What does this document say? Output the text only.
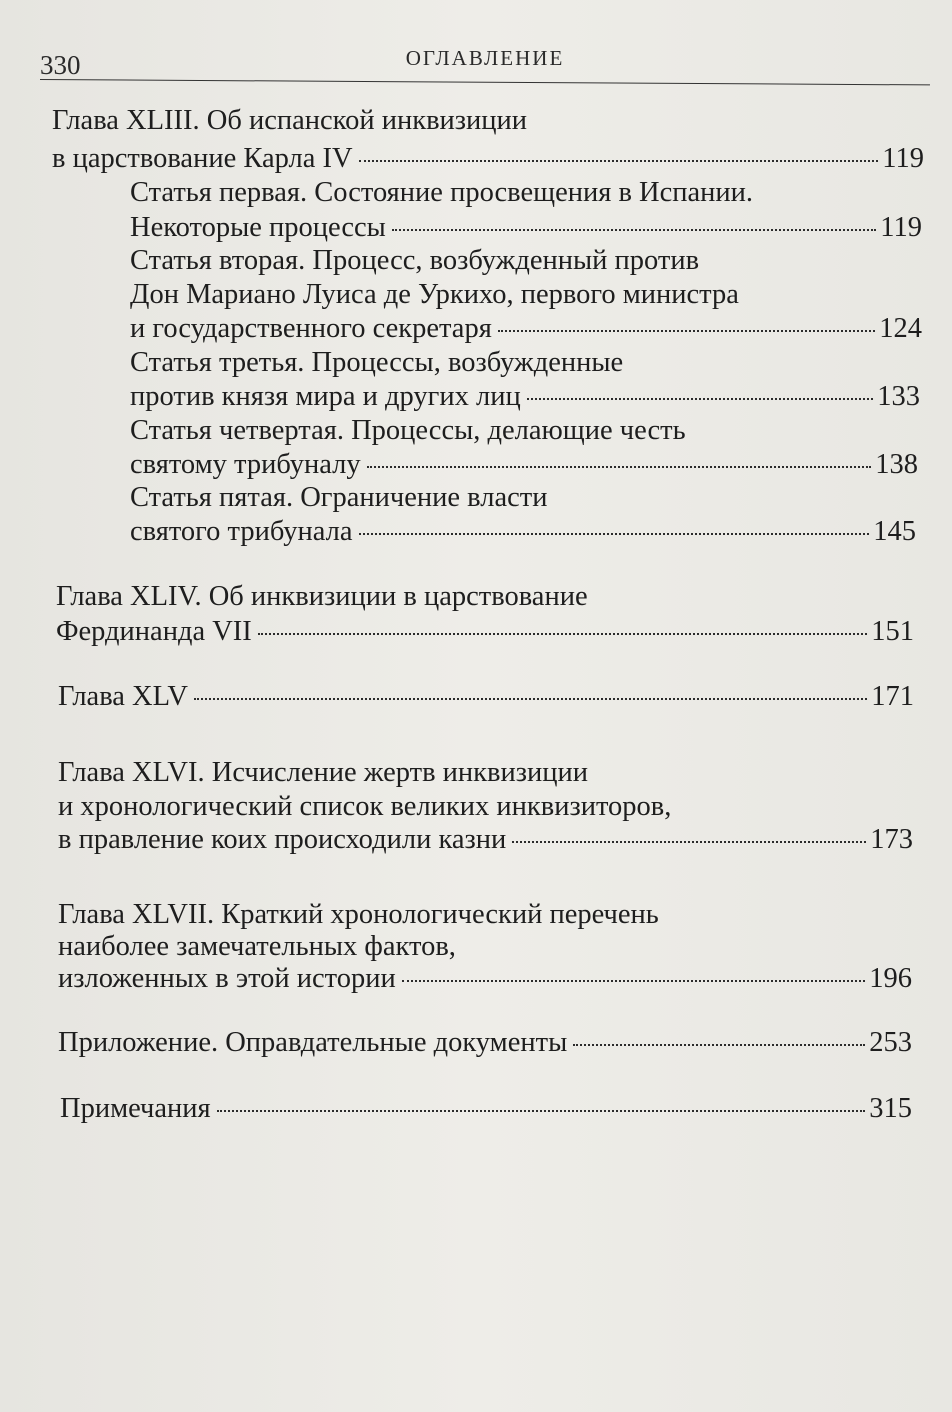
330	ОГЛАВЛЕНИЕ
Глава XLIII. Об испанской инквизиции
в царствование Карла IV	119
Статья первая. Состояние просвещения в Испании.
Некоторые процессы	119
Статья вторая. Процесс, возбужденный против
Дон Мариано Луиса де Уркихо, первого министра
и государственного секретаря	124
Статья третья. Процессы, возбужденные
против князя мира и других лиц	133
Статья четвертая. Процессы, делающие честь
святому трибуналу	138
Статья пятая. Ограничение власти
святого трибунала	145
Глава XLIV. Об инквизиции в царствование
Фердинанда VII	151
Глава XLV	171
Глава XLVI. Исчисление жертв инквизиции
и хронологический список великих инквизиторов,
в правление коих происходили казни	173
Глава XLVII. Краткий хронологический перечень
наиболее замечательных фактов,
изложенных в этой истории	196
Приложение. Оправдательные документы	253
Примечания	315
